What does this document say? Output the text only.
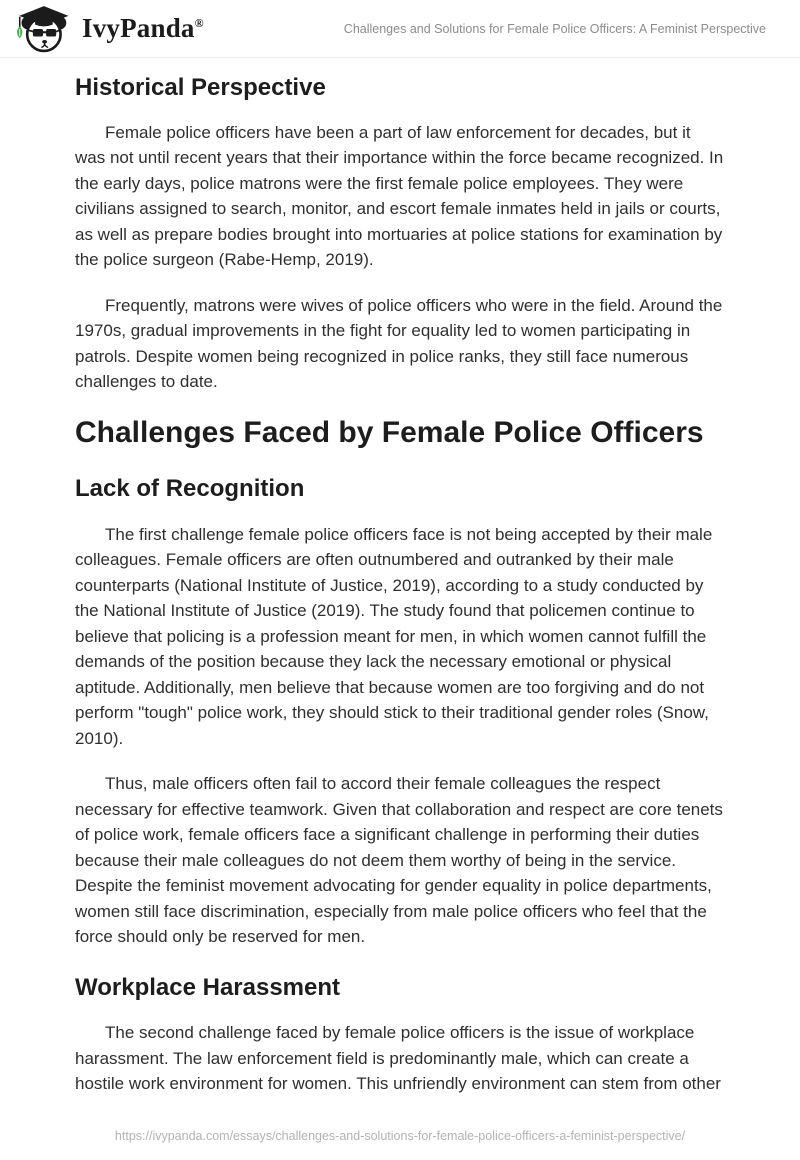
IvyPanda®	Challenges and Solutions for Female Police Officers: A Feminist Perspective
Historical Perspective

Female police officers have been a part of law enforcement for decades, but it was not until recent years that their importance within the force became recognized. In the early days, police matrons were the first female police employees. They were civilians assigned to search, monitor, and escort female inmates held in jails or courts, as well as prepare bodies brought into mortuaries at police stations for examination by the police surgeon (Rabe-Hemp, 2019).

Frequently, matrons were wives of police officers who were in the field. Around the 1970s, gradual improvements in the fight for equality led to women participating in patrols. Despite women being recognized in police ranks, they still face numerous challenges to date.

Challenges Faced by Female Police Officers
Lack of Recognition

The first challenge female police officers face is not being accepted by their male colleagues. Female officers are often outnumbered and outranked by their male counterparts (National Institute of Justice, 2019), according to a study conducted by the National Institute of Justice (2019). The study found that policemen continue to believe that policing is a profession meant for men, in which women cannot fulfill the demands of the position because they lack the necessary emotional or physical aptitude. Additionally, men believe that because women are too forgiving and do not perform "tough" police work, they should stick to their traditional gender roles (Snow, 2010).

Thus, male officers often fail to accord their female colleagues the respect necessary for effective teamwork. Given that collaboration and respect are core tenets of police work, female officers face a significant challenge in performing their duties because their male colleagues do not deem them worthy of being in the service. Despite the feminist movement advocating for gender equality in police departments, women still face discrimination, especially from male police officers who feel that the force should only be reserved for men.

Workplace Harassment

The second challenge faced by female police officers is the issue of workplace harassment. The law enforcement field is predominantly male, which can create a hostile work environment for women. This unfriendly environment can stem from other

https://ivypanda.com/essays/challenges-and-solutions-for-female-police-officers-a-feminist-perspective/
